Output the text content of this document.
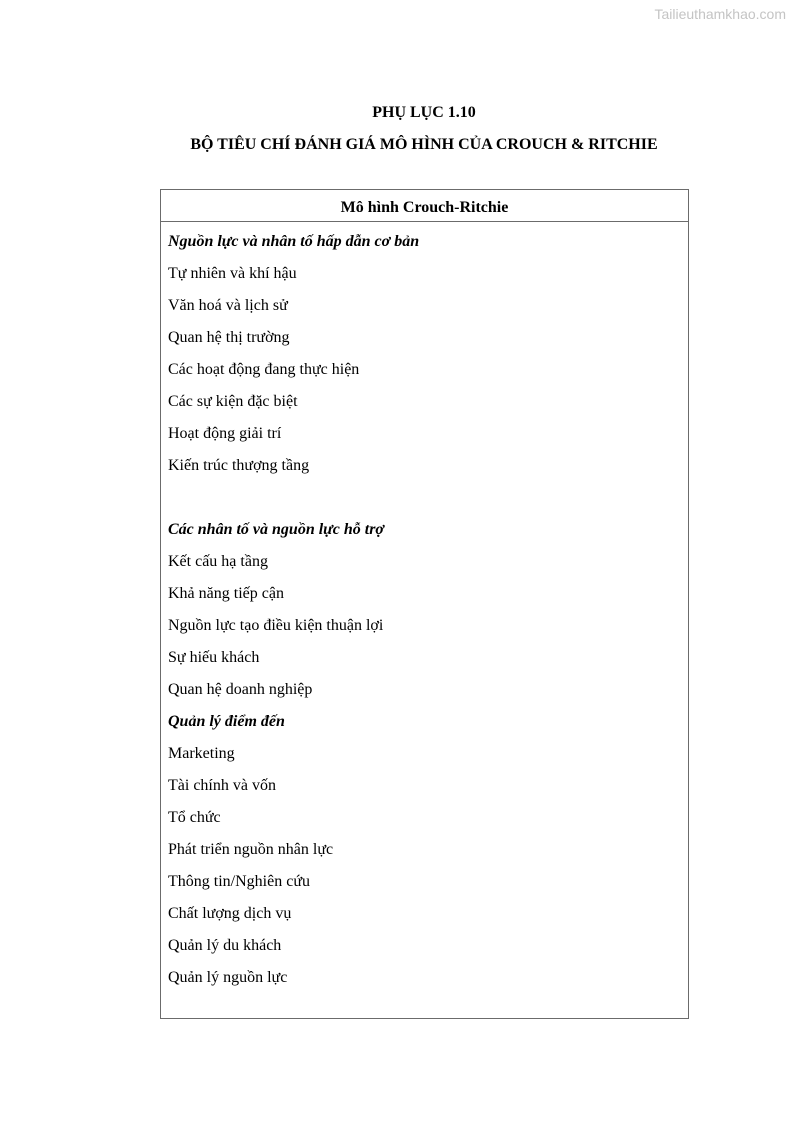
Tailieuthamkhao.com
PHỤ LỤC 1.10
BỘ TIÊU CHÍ ĐÁNH GIÁ MÔ HÌNH CỦA CROUCH & RITCHIE
Mô hình Crouch-Ritchie
Nguồn lực và nhân tố hấp dẫn cơ bản
Tự nhiên và khí hậu
Văn hoá và lịch sử
Quan hệ thị trường
Các hoạt động đang thực hiện
Các sự kiện đặc biệt
Hoạt động giải trí
Kiến trúc thượng tầng
Các nhân tố và nguồn lực hỗ trợ
Kết cấu hạ tầng
Khả năng tiếp cận
Nguồn lực tạo điều kiện thuận lợi
Sự hiếu khách
Quan hệ doanh nghiệp
Quản lý điểm đến
Marketing
Tài chính và vốn
Tổ chức
Phát triển nguồn nhân lực
Thông tin/Nghiên cứu
Chất lượng dịch vụ
Quản lý du khách
Quản lý nguồn lực
